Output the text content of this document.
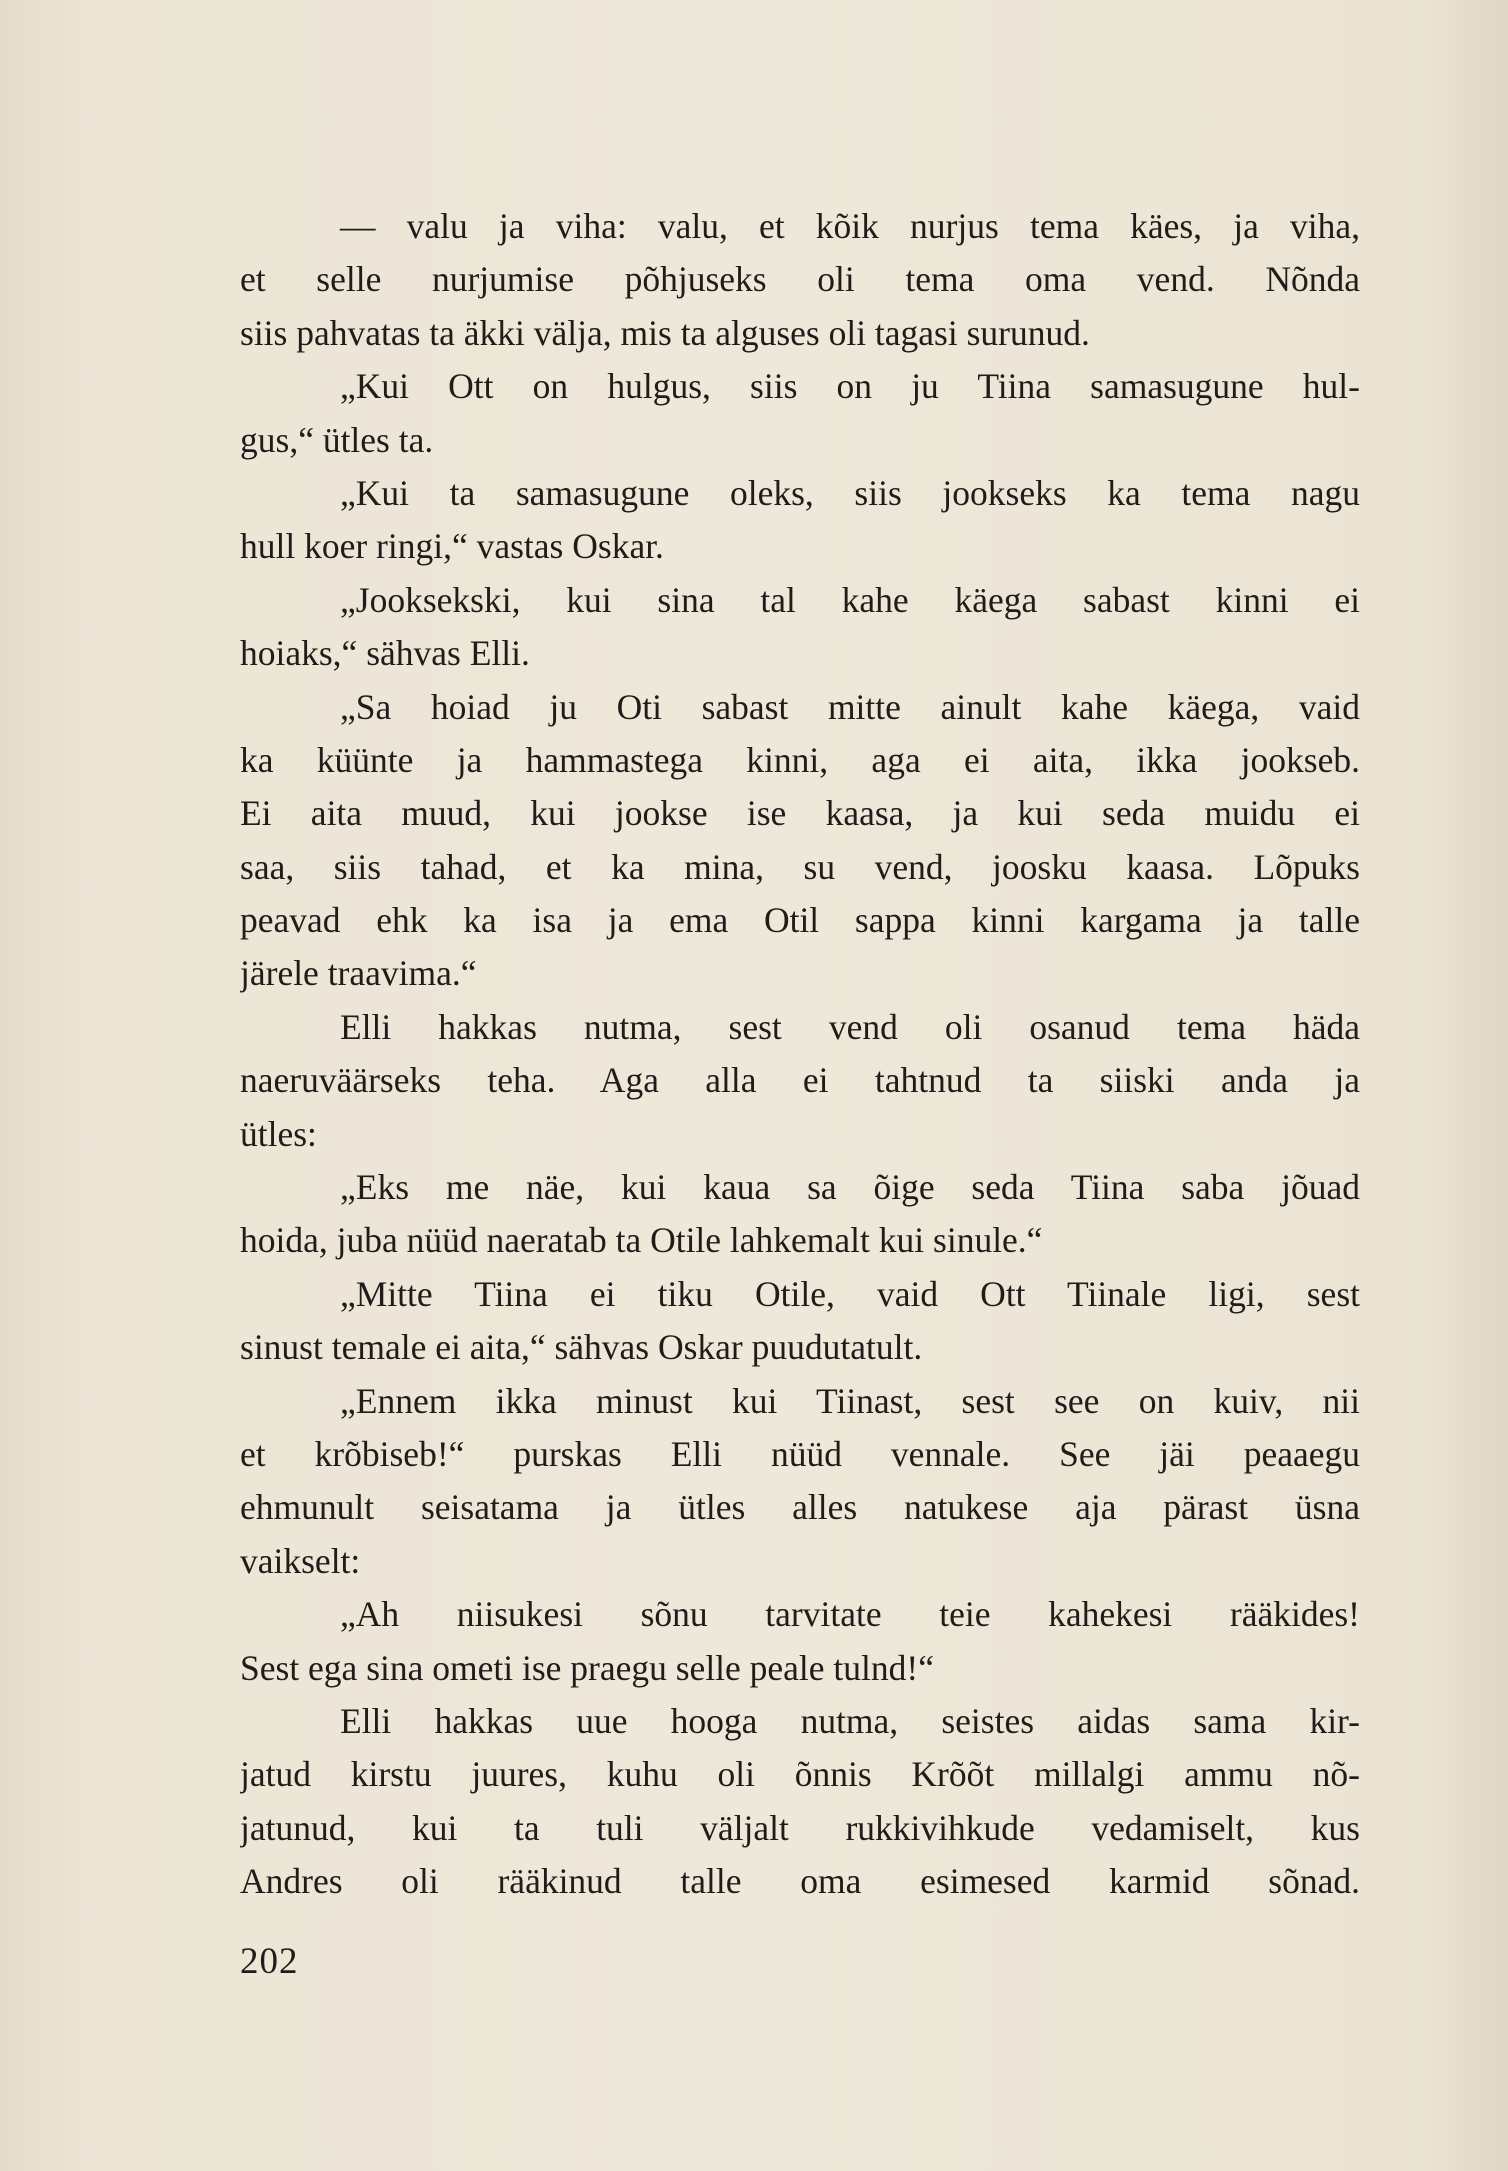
— valu ja viha: valu, et kõik nurjus tema käes, ja viha,
et selle nurjumise põhjuseks oli tema oma vend. Nõnda
siis pahvatas ta äkki välja, mis ta alguses oli tagasi surunud.
„Kui Ott on hulgus, siis on ju Tiina samasugune hul-
gus,“ ütles ta.
„Kui ta samasugune oleks, siis jookseks ka tema nagu
hull koer ringi,“ vastas Oskar.
„Jooksekski, kui sina tal kahe käega sabast kinni ei
hoiaks,“ sähvas Elli.
„Sa hoiad ju Oti sabast mitte ainult kahe käega, vaid
ka küünte ja hammastega kinni, aga ei aita, ikka jookseb.
Ei aita muud, kui jookse ise kaasa, ja kui seda muidu ei
saa, siis tahad, et ka mina, su vend, joosku kaasa. Lõpuks
peavad ehk ka isa ja ema Otil sappa kinni kargama ja talle
järele traavima.“
Elli hakkas nutma, sest vend oli osanud tema häda
naeruväärseks teha. Aga alla ei tahtnud ta siiski anda ja
ütles:
„Eks me näe, kui kaua sa õige seda Tiina saba jõuad
hoida, juba nüüd naeratab ta Otile lahkemalt kui sinule.“
„Mitte Tiina ei tiku Otile, vaid Ott Tiinale ligi, sest
sinust temale ei aita,“ sähvas Oskar puudutatult.
„Ennem ikka minust kui Tiinast, sest see on kuiv, nii
et krõbiseb!“ purskas Elli nüüd vennale. See jäi peaaegu
ehmunult seisatama ja ütles alles natukese aja pärast üsna
vaikselt:
„Ah niisukesi sõnu tarvitate teie kahekesi rääkides!
Sest ega sina ometi ise praegu selle peale tulnd!“
Elli hakkas uue hooga nutma, seistes aidas sama kir-
jatud kirstu juures, kuhu oli õnnis Krõõt millalgi ammu nõ-
jatunud, kui ta tuli väljalt rukkivihkude vedamiselt, kus
Andres oli rääkinud talle oma esimesed karmid sõnad.
202
